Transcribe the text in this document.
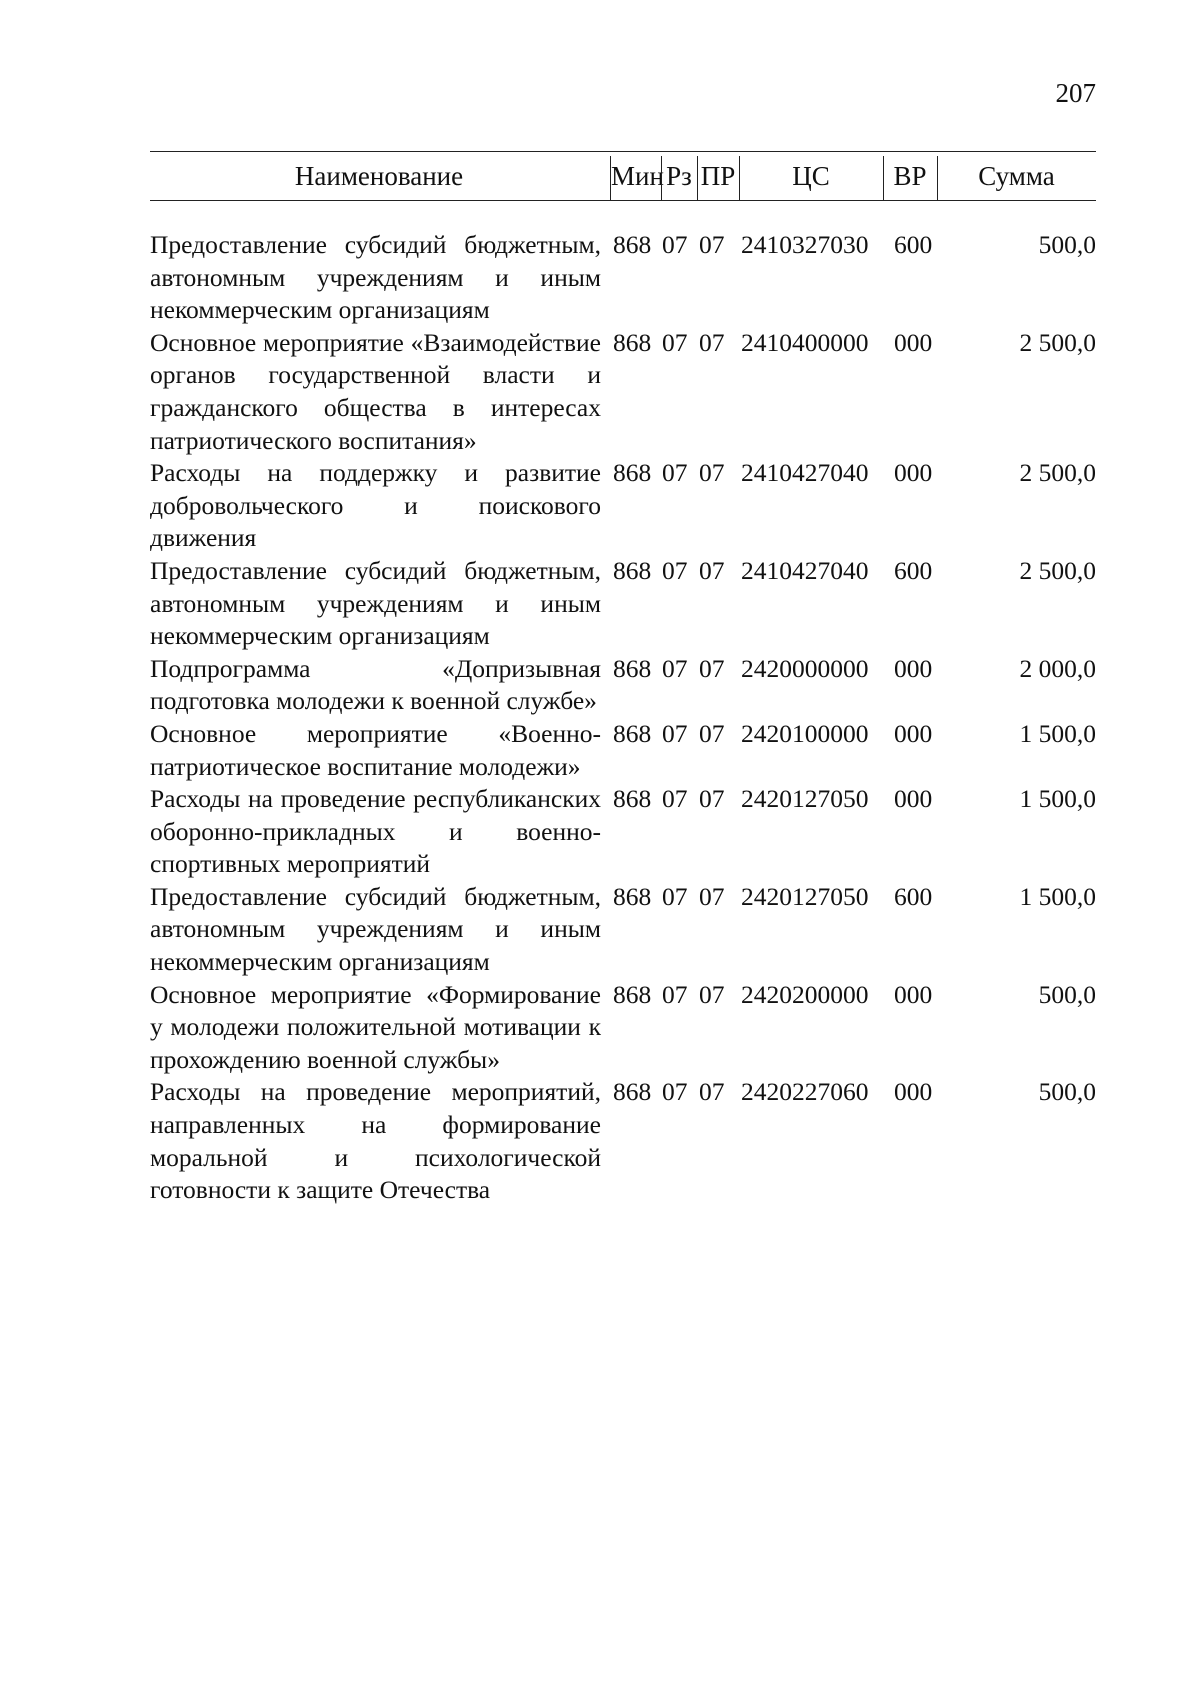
207
Наименование	Мин Рз ПР	ЦС	ВР	Сумма
Предоставление субсидий бюджетным, автономным учреждениям и иным некоммерческим организациям
868 07 07 2410327030 600	500,0
Основное мероприятие «Взаимодействие органов государственной власти и гражданского общества в интересах патриотического воспитания»
868 07 07 2410400000 000	2 500,0
Расходы на поддержку и развитие добровольческого и поискового движения
868 07 07 2410427040 000	2 500,0
Предоставление субсидий бюджетным, автономным учреждениям и иным некоммерческим организациям
868 07 07 2410427040 600	2 500,0
Подпрограмма «Допризывная подготовка молодежи к военной службе»
868 07 07 2420000000 000	2 000,0
Основное мероприятие «Военно-патриотическое воспитание молодежи»
868 07 07 2420100000 000	1 500,0
Расходы на проведение республиканских оборонно-прикладных и военно-спортивных мероприятий
868 07 07 2420127050 000	1 500,0
Предоставление субсидий бюджетным, автономным учреждениям и иным некоммерческим организациям
868 07 07 2420127050 600	1 500,0
Основное мероприятие «Формирование у молодежи положительной мотивации к прохождению военной службы»
868 07 07 2420200000 000	500,0
Расходы на проведение мероприятий, направленных на формирование моральной и психологической готовности к защите Отечества
868 07 07 2420227060 000	500,0
